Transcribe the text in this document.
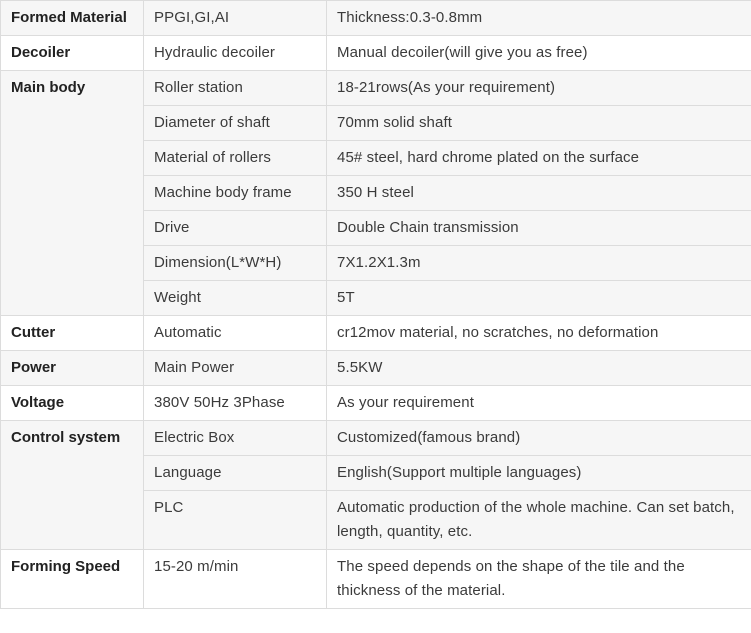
Formed Material	PPGI,GI,AI	Thickness:0.3-0.8mm
Decoiler	Hydraulic decoiler	Manual decoiler(will give you as free)
Main body	Roller station	18-21rows(As your requirement)
	Diameter of shaft	70mm solid shaft
	Material of rollers	45# steel, hard chrome plated on the surface
	Machine body frame	350 H steel
	Drive	Double Chain transmission
	Dimension(L*W*H)	7X1.2X1.3m
	Weight	5T
Cutter	Automatic	cr12mov material, no scratches, no deformation
Power	Main Power	5.5KW
Voltage	380V 50Hz 3Phase	As your requirement
Control system	Electric Box	Customized(famous brand)
	Language	English(Support multiple languages)
	PLC	Automatic production of the whole machine. Can set batch, length, quantity, etc.
Forming Speed	15-20 m/min	The speed depends on the shape of the tile and the thickness of the material.
